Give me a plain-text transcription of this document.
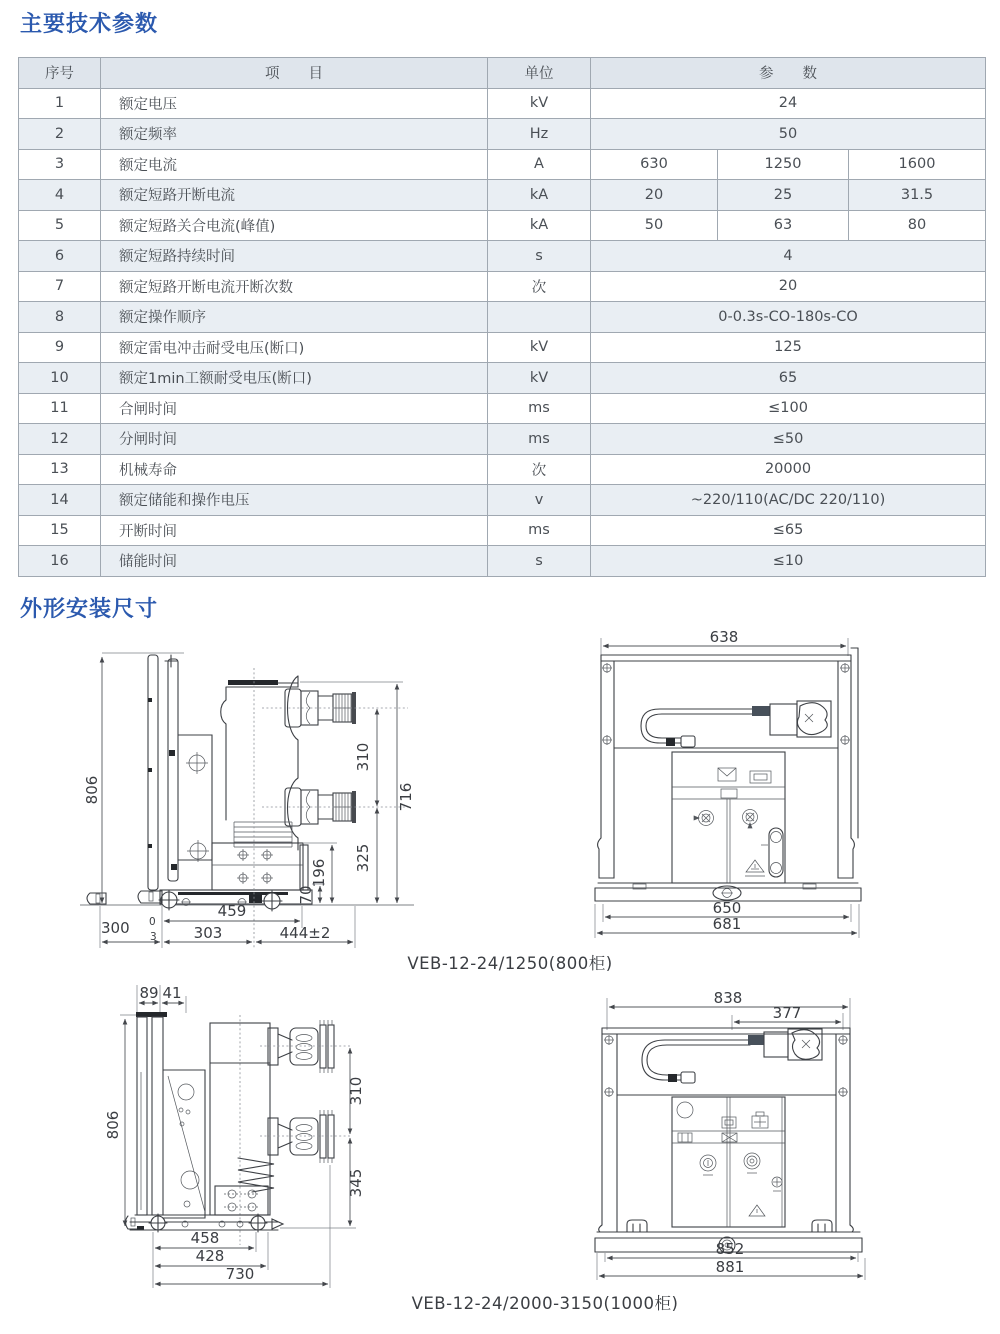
主要技术参数
序号	项　　目	单位	参　　数		
1	额定电压	kV	24		
2	额定频率	Hz	50		
3	额定电流	A	630	1250	1600
4	额定短路开断电流	kA	20	25	31.5
5	额定短路关合电流(峰值)	kA	50	63	80
6	额定短路持续时间	s	4		
7	额定短路开断电流开断次数	次	20		
8	额定操作顺序		0-0.3s-CO-180s-CO		
9	额定雷电冲击耐受电压(断口)	kV	125		
10	额定1min工额耐受电压(断口)	kV	65		
11	合闸时间	ms	≤100		
12	分闸时间	ms	≤50		
13	机械寿命	次	20000		
14	额定储能和操作电压	v	~220/110(AC/DC 220/110)		
15	开断时间	ms	≤65		
16	储能时间	s	≤10		
外形安装尺寸
806	716
310
325
196
70
459
300 0
3 303	444±2
638
650
681
VEB-12-24/1250(800柜)
89 41
806
310
345
458
428
730
838
377
852
881
VEB-12-24/2000-3150(1000柜)
